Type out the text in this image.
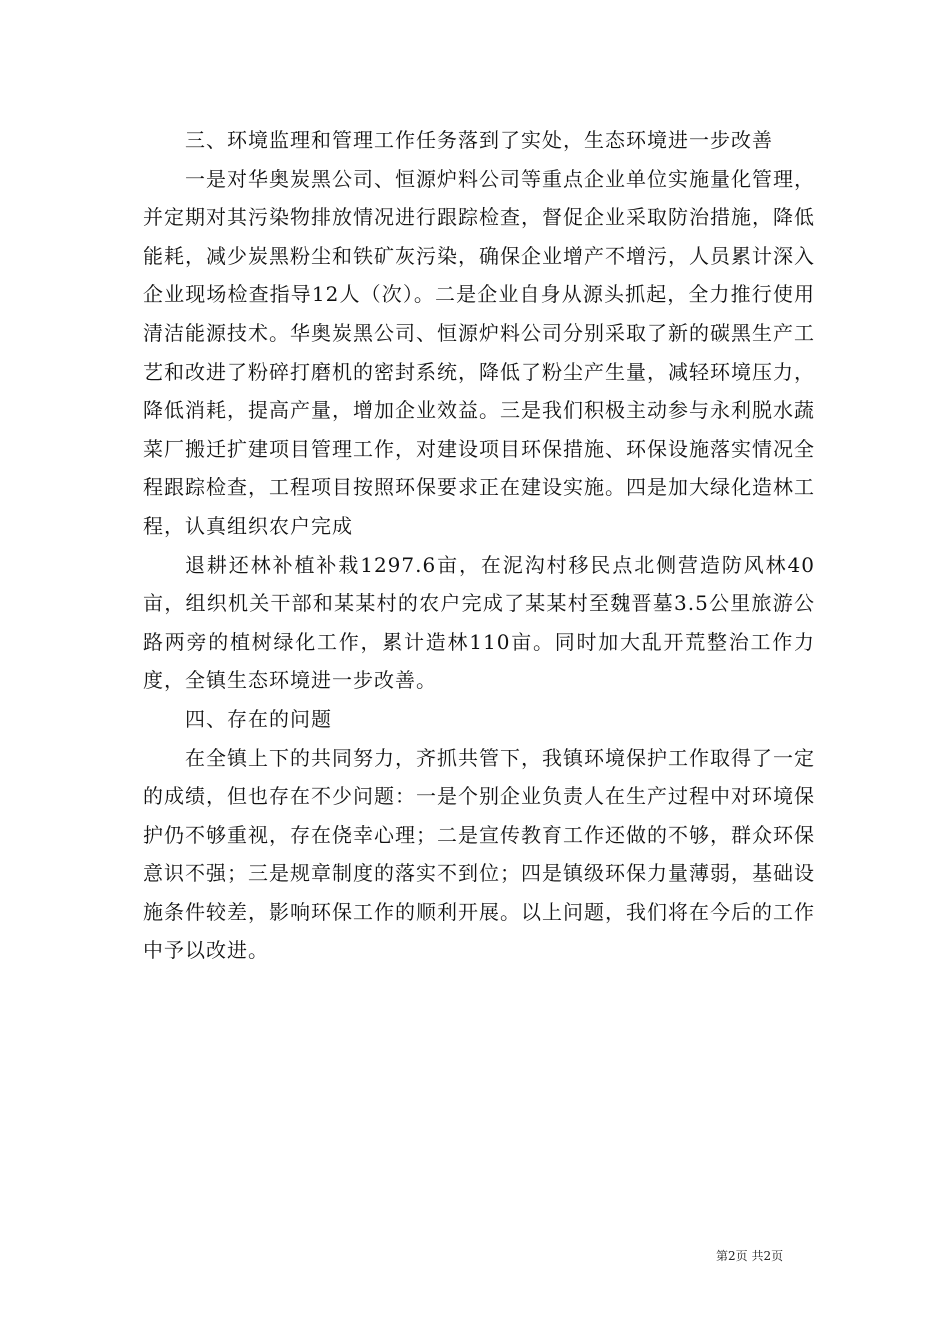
三、环境监理和管理工作任务落到了实处，生态环境进一步改善

一是对华奥炭黑公司、恒源炉料公司等重点企业单位实施量化管理，并定期对其污染物排放情况进行跟踪检查，督促企业采取防治措施，降低能耗，减少炭黑粉尘和铁矿灰污染，确保企业增产不增污，人员累计深入企业现场检查指导12人（次）。二是企业自身从源头抓起，全力推行使用清洁能源技术。华奥炭黑公司、恒源炉料公司分别采取了新的碳黑生产工艺和改进了粉碎打磨机的密封系统，降低了粉尘产生量，减轻环境压力，降低消耗，提高产量，增加企业效益。三是我们积极主动参与永利脱水蔬菜厂搬迁扩建项目管理工作，对建设项目环保措施、环保设施落实情况全程跟踪检查，工程项目按照环保要求正在建设实施。四是加大绿化造林工程，认真组织农户完成

退耕还林补植补栽1297.6亩，在泥沟村移民点北侧营造防风林40亩，组织机关干部和某某村的农户完成了某某村至魏晋墓3.5公里旅游公路两旁的植树绿化工作，累计造林110亩。同时加大乱开荒整治工作力度，全镇生态环境进一步改善。

四、存在的问题

在全镇上下的共同努力，齐抓共管下，我镇环境保护工作取得了一定的成绩，但也存在不少问题：一是个别企业负责人在生产过程中对环境保护仍不够重视，存在侥幸心理；二是宣传教育工作还做的不够，群众环保意识不强；三是规章制度的落实不到位；四是镇级环保力量薄弱，基础设施条件较差，影响环保工作的顺利开展。以上问题，我们将在今后的工作中予以改进。

第2页 共2页
